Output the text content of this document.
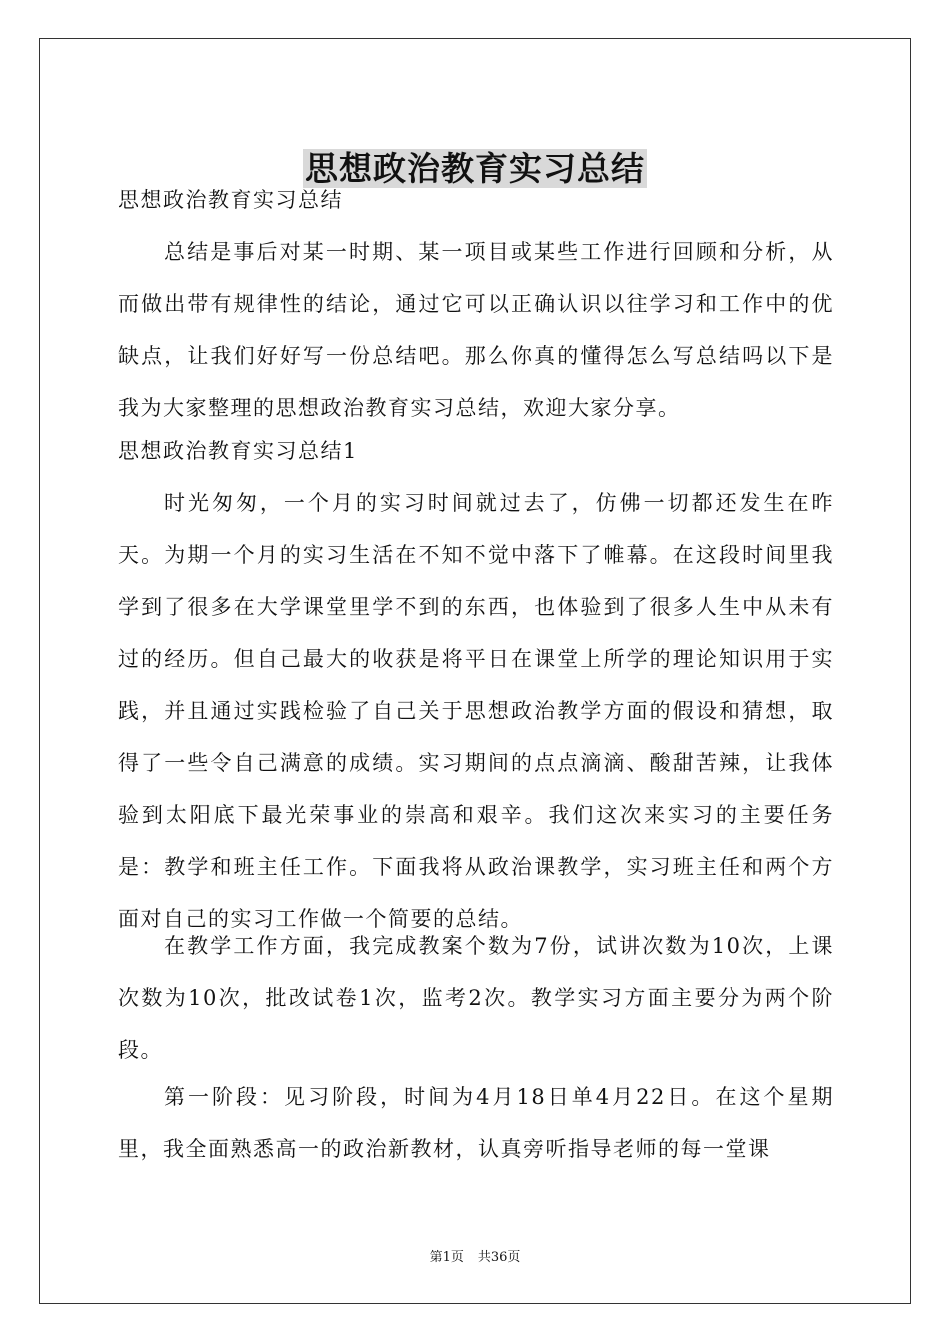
思想政治教育实习总结

思想政治教育实习总结

总结是事后对某一时期、某一项目或某些工作进行回顾和分析，从而做出带有规律性的结论，通过它可以正确认识以往学习和工作中的优缺点，让我们好好写一份总结吧。那么你真的懂得怎么写总结吗以下是我为大家整理的思想政治教育实习总结，欢迎大家分享。

思想政治教育实习总结1

时光匆匆，一个月的实习时间就过去了，仿佛一切都还发生在昨天。为期一个月的实习生活在不知不觉中落下了帷幕。在这段时间里我学到了很多在大学课堂里学不到的东西，也体验到了很多人生中从未有过的经历。但自己最大的收获是将平日在课堂上所学的理论知识用于实践，并且通过实践检验了自己关于思想政治教学方面的假设和猜想，取得了一些令自己满意的成绩。实习期间的点点滴滴、酸甜苦辣，让我体验到太阳底下最光荣事业的崇高和艰辛。我们这次来实习的主要任务是：教学和班主任工作。下面我将从政治课教学，实习班主任和两个方面对自己的实习工作做一个简要的总结。

在教学工作方面，我完成教案个数为7份，试讲次数为10次，上课次数为10次，批改试卷1次，监考2次。教学实习方面主要分为两个阶段。

第一阶段：见习阶段，时间为4月18日单4月22日。在这个星期里，我全面熟悉高一的政治新教材，认真旁听指导老师的每一堂课

第1页 共36页
